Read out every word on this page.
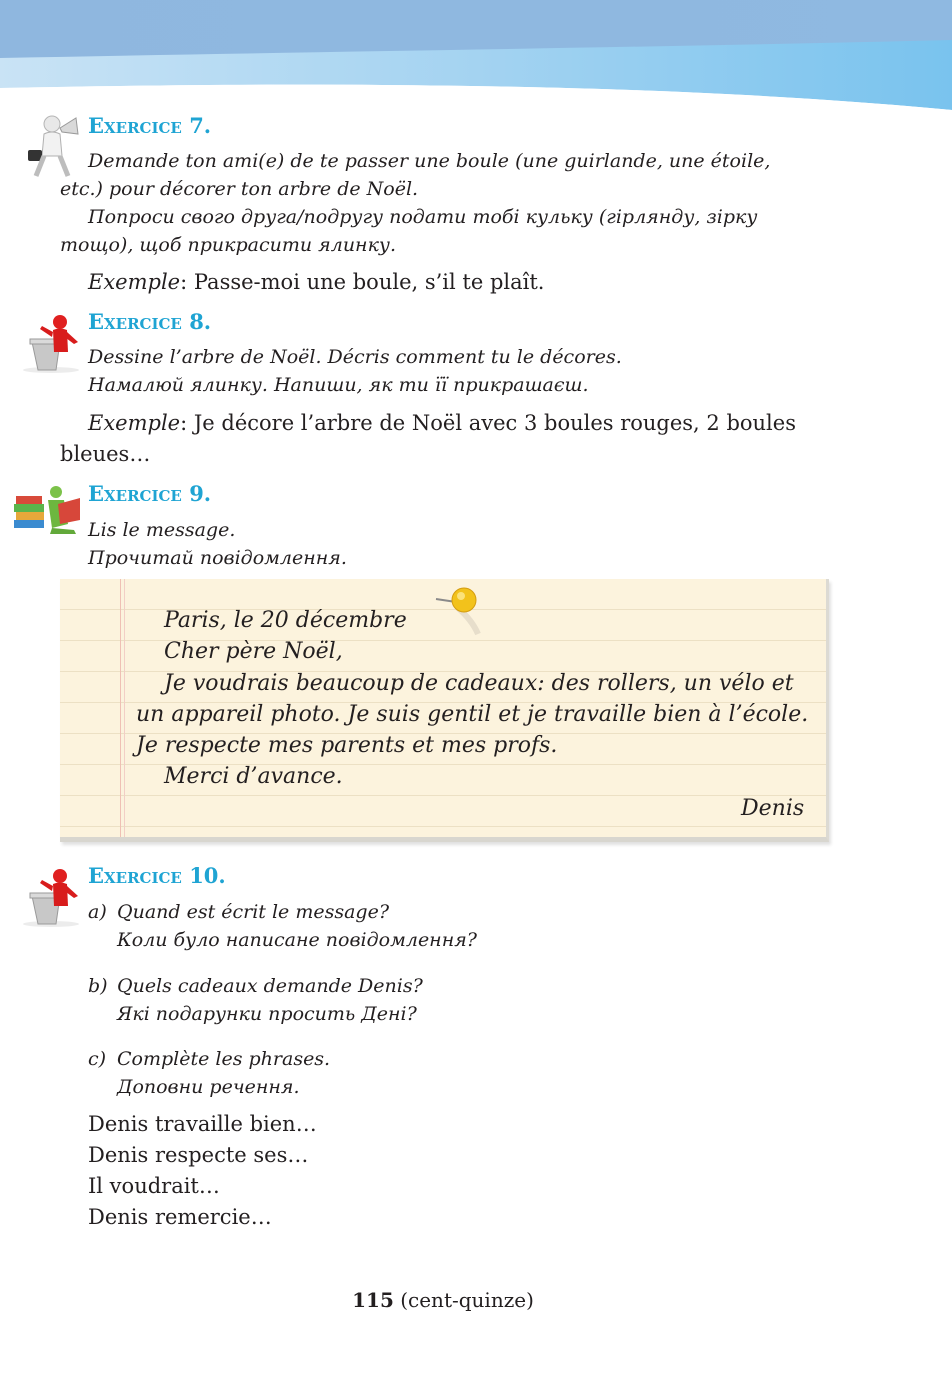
Exercice 7.
Demande ton ami(e) de te passer une boule (une guirlande, une étoile,
etc.) pour décorer ton arbre de Noël.
Попроси свого друга/подругу подати тобі кульку (гірлянду, зірку
тощо), щоб прикрасити ялинку.
Exemple: Passe-moi une boule, s’il te plaît.
Exercice 8.
Dessine l’arbre de Noël. Décris comment tu le décores.
Намалюй ялинку. Напиши, як ти її прикрашаєш.
Exemple: Je décore l’arbre de Noël avec 3 boules rouges, 2 boules
bleues…
Exercice 9.
Lis le message.
Прочитай повідомлення.
Paris, le 20 décembre
Cher père Noël,
Je voudrais beaucoup de cadeaux: des rollers, un vélo et
un appareil photo. Je suis gentil et je travaille bien à l’école.
Je respecte mes parents et mes profs.
Merci d’avance.
Denis
Exercice 10.
a) Quand est écrit le message?
Коли було написане повідомлення?
b) Quels cadeaux demande Denis?
Які подарунки просить Дені?
c) Complète les phrases.
Доповни речення.
Denis travaille bien…
Denis respecte ses…
Il voudrait…
Denis remercie…
115 (cent-quinze)
